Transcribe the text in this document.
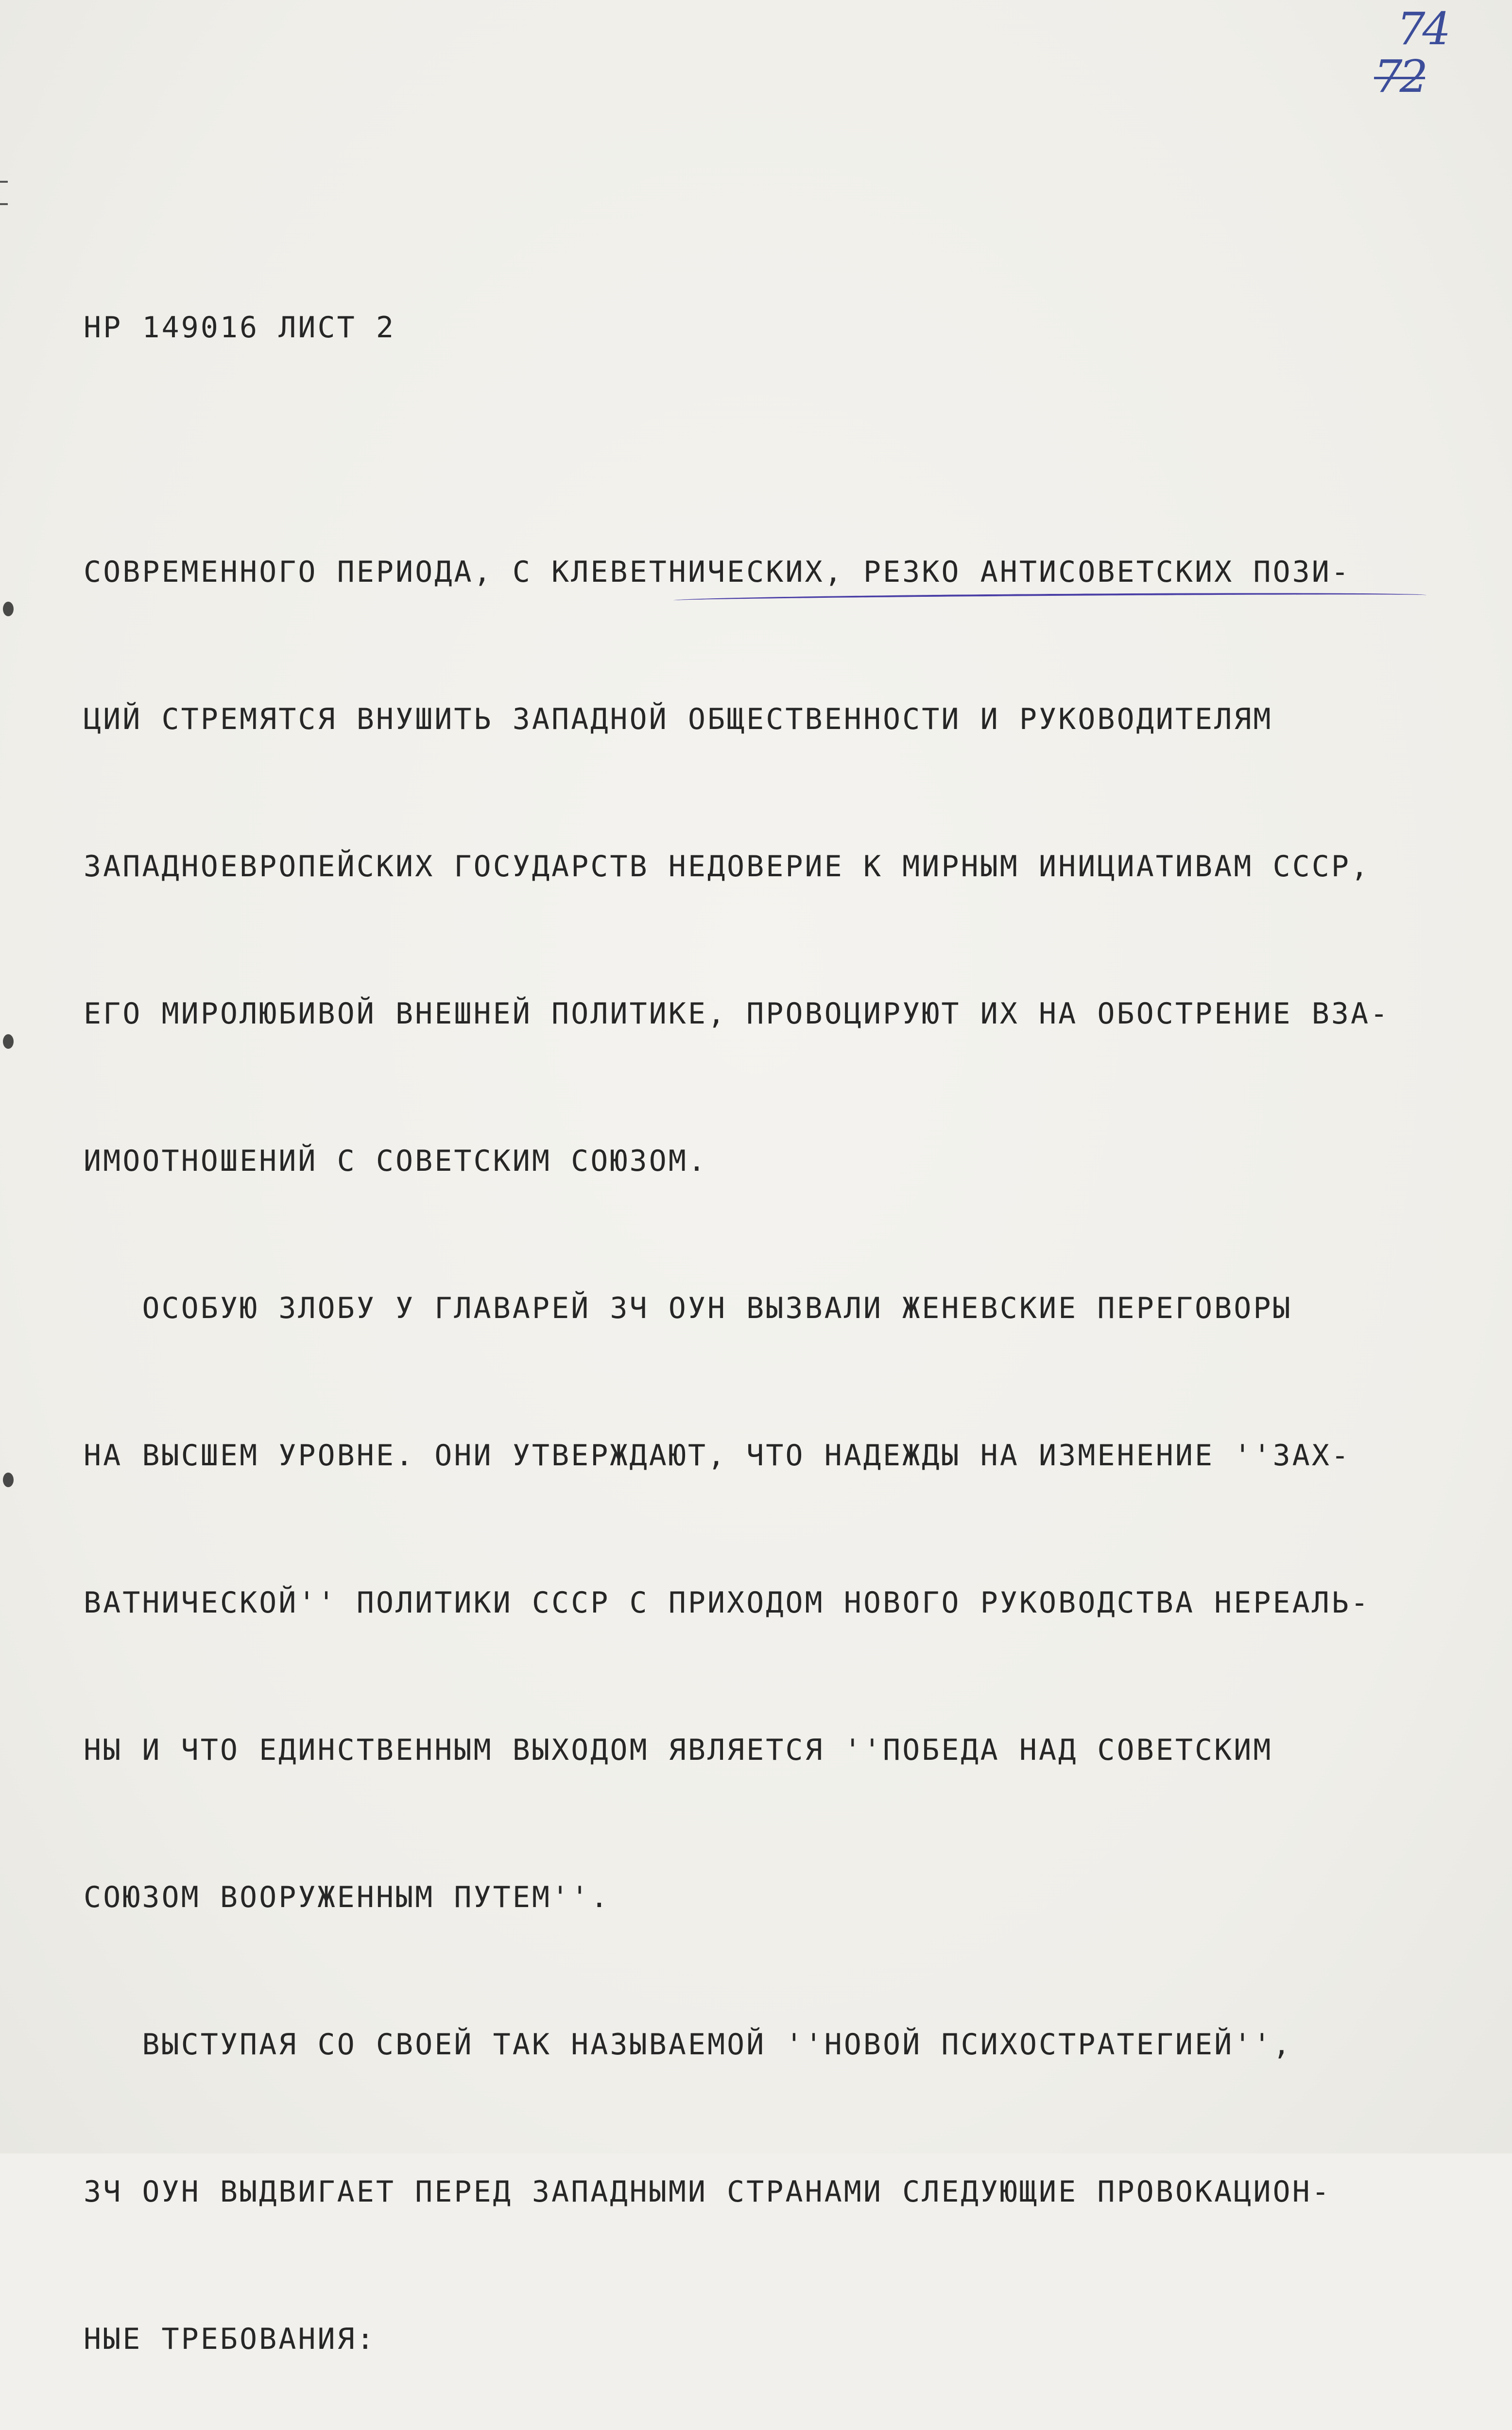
74
72
НР 149016 ЛИСТ 2

СОВРЕМЕННОГО ПЕРИОДА, С КЛЕВЕТНИЧЕСКИХ, РЕЗКО АНТИСОВЕТСКИХ ПОЗИ-

ЦИЙ СТРЕМЯТСЯ ВНУШИТЬ ЗАПАДНОЙ ОБЩЕСТВЕННОСТИ И РУКОВОДИТЕЛЯМ

ЗАПАДНОЕВРОПЕЙСКИХ ГОСУДАРСТВ НЕДОВЕРИЕ К МИРНЫМ ИНИЦИАТИВАМ СССР,

ЕГО МИРОЛЮБИВОЙ ВНЕШНЕЙ ПОЛИТИКЕ, ПРОВОЦИРУЮТ ИХ НА ОБОСТРЕНИЕ ВЗА-

ИМООТНОШЕНИЙ С СОВЕТСКИМ СОЮЗОМ.

ОСОБУЮ ЗЛОБУ У ГЛАВАРЕЙ ЗЧ ОУН ВЫЗВАЛИ ЖЕНЕВСКИЕ ПЕРЕГОВОРЫ

НА ВЫСШЕМ УРОВНЕ. ОНИ УТВЕРЖДАЮТ, ЧТО НАДЕЖДЫ НА ИЗМЕНЕНИЕ ''ЗАХ-

ВАТНИЧЕСКОЙ'' ПОЛИТИКИ СССР С ПРИХОДОМ НОВОГО РУКОВОДСТВА НЕРЕАЛЬ-

НЫ И ЧТО ЕДИНСТВЕННЫМ ВЫХОДОМ ЯВЛЯЕТСЯ ''ПОБЕДА НАД СОВЕТСКИМ

СОЮЗОМ ВООРУЖЕННЫМ ПУТЕМ''.

ВЫСТУПАЯ СО СВОЕЙ ТАК НАЗЫВАЕМОЙ ''НОВОЙ ПСИХОСТРАТЕГИЕЙ'',

ЗЧ ОУН ВЫДВИГАЕТ ПЕРЕД ЗАПАДНЫМИ СТРАНАМИ СЛЕДУЮЩИЕ ПРОВОКАЦИОН-

НЫЕ ТРЕБОВАНИЯ:
